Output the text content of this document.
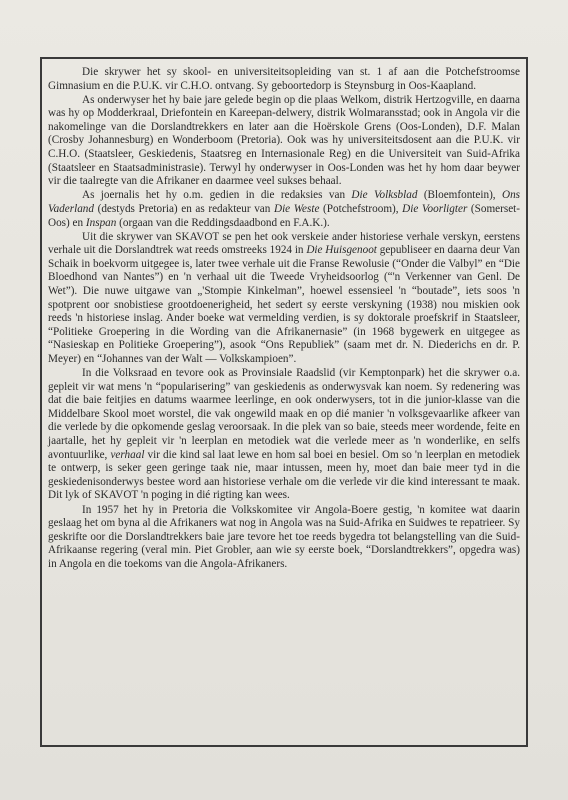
Die skrywer het sy skool- en universiteitsopleiding van st. 1 af aan die Potchefstroomse Gimnasium en die P.U.K. vir C.H.O. ontvang. Sy geboortedorp is Steynsburg in Oos-Kaapland.

As onderwyser het hy baie jare gelede begin op die plaas Welkom, distrik Hertzogville, en daarna was hy op Modderkraal, Driefontein en Kareepan-delwery, distrik Wolmaransstad; ook in Angola vir die nakomelinge van die Dorslandtrekkers en later aan die Hoërskole Grens (Oos-Londen), D.F. Malan (Crosby Johannesburg) en Wonderboom (Pretoria). Ook was hy universiteitsdosent aan die P.U.K. vir C.H.O. (Staatsleer, Geskiedenis, Staatsreg en Internasionale Reg) en die Universiteit van Suid-Afrika (Staatsleer en Staatsadministrasie). Terwyl hy onderwyser in Oos-Londen was het hy hom daar beywer vir die taalregte van die Afrikaner en daarmee veel sukses behaal.

As joernalis het hy o.m. gedien in die redaksies van Die Volksblad (Bloemfontein), Ons Vaderland (destyds Pretoria) en as redakteur van Die Weste (Potchefstroom), Die Voorligter (Somerset-Oos) en Inspan (orgaan van die Reddingsdaadbond en F.A.K.).

Uit die skrywer van SKAVOT se pen het ook verskeie ander historiese verhale verskyn, eerstens verhale uit die Dorslandtrek wat reeds omstreeks 1924 in Die Huisgenoot gepubliseer en daarna deur Van Schaik in boekvorm uitgegee is, later twee verhale uit die Franse Rewolusie (“Onder die Valbyl” en “Die Bloedhond van Nantes”) en 'n verhaal uit die Tweede Vryheidsoorlog (“'n Verkenner van Genl. De Wet”). Die nuwe uitgawe van „'Stompie Kinkelman”, hoewel essensieel 'n “boutade”, iets soos 'n spotprent oor snobistiese grootdoenerigheid, het sedert sy eerste verskyning (1938) nou miskien ook reeds 'n historiese inslag. Ander boeke wat vermelding verdien, is sy doktorale proefskrif in Staatsleer, “Politieke Groepering in die Wording van die Afrikanernasie” (in 1968 bygewerk en uitgegee as “Nasieskap en Politieke Groepering”), asook “Ons Republiek” (saam met dr. N. Diederichs en dr. P. Meyer) en “Johannes van der Walt — Volkskampioen”.

In die Volksraad en tevore ook as Provinsiale Raadslid (vir Kemptonpark) het die skrywer o.a. gepleit vir wat mens 'n “popularisering” van geskiedenis as onderwysvak kan noem. Sy redenering was dat die baie feitjies en datums waarmee leerlinge, en ook onderwysers, tot in die junior-klasse van die Middelbare Skool moet worstel, die vak ongewild maak en op dié manier 'n volksgevaarlike afkeer van die verlede by die opkomende geslag veroorsaak. In die plek van so baie, steeds meer wordende, feite en jaartalle, het hy gepleit vir 'n leerplan en metodiek wat die verlede meer as 'n wonderlike, en selfs avontuurlike, verhaal vir die kind sal laat lewe en hom sal boei en besiel. Om so 'n leerplan en metodiek te ontwerp, is seker geen geringe taak nie, maar intussen, meen hy, moet dan baie meer tyd in die geskiedenisonderwys bestee word aan historiese verhale om die verlede vir die kind interessant te maak. Dit lyk of SKAVOT 'n poging in dié rigting kan wees.

In 1957 het hy in Pretoria die Volkskomitee vir Angola-Boere gestig, 'n komitee wat daarin geslaag het om byna al die Afrikaners wat nog in Angola was na Suid-Afrika en Suidwes te repatrieer. Sy geskrifte oor die Dorslandtrekkers baie jare tevore het toe reeds bygedra tot belangstelling van die Suid-Afrikaanse regering (veral min. Piet Grobler, aan wie sy eerste boek, “Dorslandtrekkers”, opgedra was) in Angola en die toekoms van die Angola-Afrikaners.
